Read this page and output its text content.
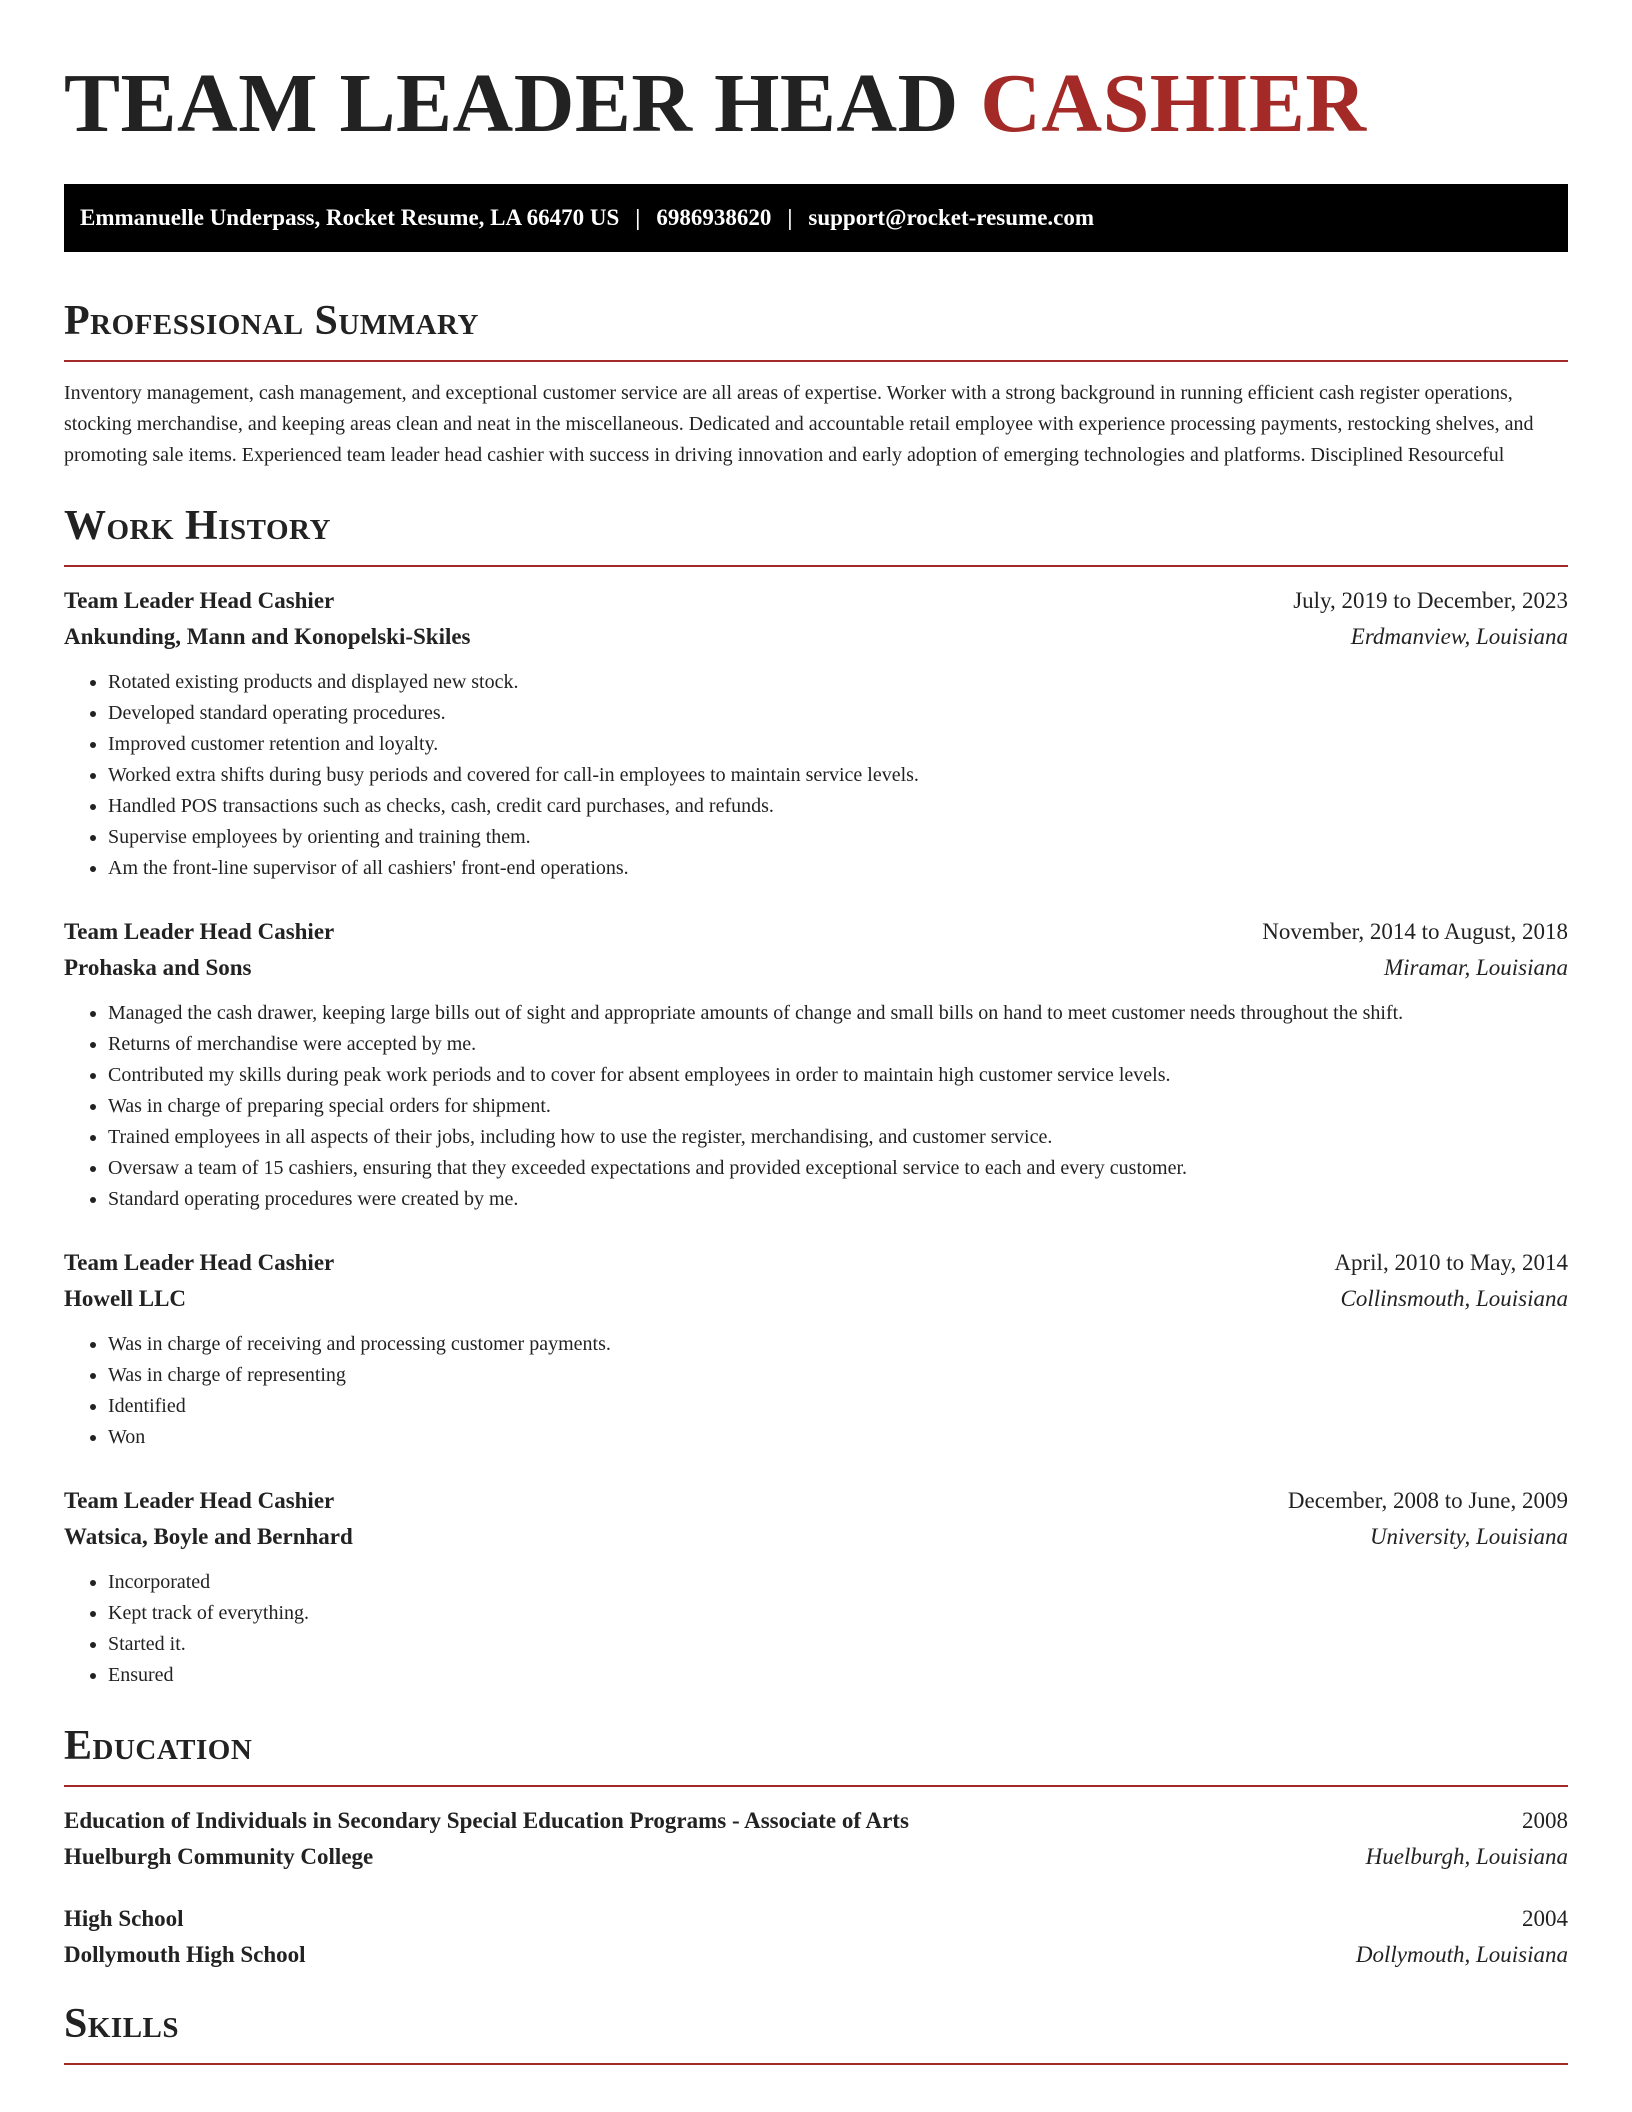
TEAM LEADER HEAD CASHIER
Emmanuelle Underpass, Rocket Resume, LA 66470 US | 6986938620 | support@rocket-resume.com
Professional Summary

Inventory management, cash management, and exceptional customer service are all areas of expertise. Worker with a strong background in running efficient cash register operations, stocking merchandise, and keeping areas clean and neat in the miscellaneous. Dedicated and accountable retail employee with experience processing payments, restocking shelves, and promoting sale items. Experienced team leader head cashier with success in driving innovation and early adoption of emerging technologies and platforms. Disciplined Resourceful

Work History
Team Leader Head Cashier	July, 2019 to December, 2023
Ankunding, Mann and Konopelski-Skiles	Erdmanview, Louisiana
• Rotated existing products and displayed new stock.
• Developed standard operating procedures.
• Improved customer retention and loyalty.
• Worked extra shifts during busy periods and covered for call-in employees to maintain service levels.
• Handled POS transactions such as checks, cash, credit card purchases, and refunds.
• Supervise employees by orienting and training them.
• Am the front-line supervisor of all cashiers' front-end operations.
Team Leader Head Cashier	November, 2014 to August, 2018
Prohaska and Sons	Miramar, Louisiana
• Managed the cash drawer, keeping large bills out of sight and appropriate amounts of change and small bills on hand to meet customer needs throughout the shift.
• Returns of merchandise were accepted by me.
• Contributed my skills during peak work periods and to cover for absent employees in order to maintain high customer service levels.
• Was in charge of preparing special orders for shipment.
• Trained employees in all aspects of their jobs, including how to use the register, merchandising, and customer service.
• Oversaw a team of 15 cashiers, ensuring that they exceeded expectations and provided exceptional service to each and every customer.
• Standard operating procedures were created by me.
Team Leader Head Cashier	April, 2010 to May, 2014
Howell LLC	Collinsmouth, Louisiana
• Was in charge of receiving and processing customer payments.
• Was in charge of representing
• Identified
• Won
Team Leader Head Cashier	December, 2008 to June, 2009
Watsica, Boyle and Bernhard	University, Louisiana
• Incorporated
• Kept track of everything.
• Started it.
• Ensured
Education
Education of Individuals in Secondary Special Education Programs - Associate of Arts	2008
Huelburgh Community College	Huelburgh, Louisiana
High School	2004
Dollymouth High School	Dollymouth, Louisiana
Skills
